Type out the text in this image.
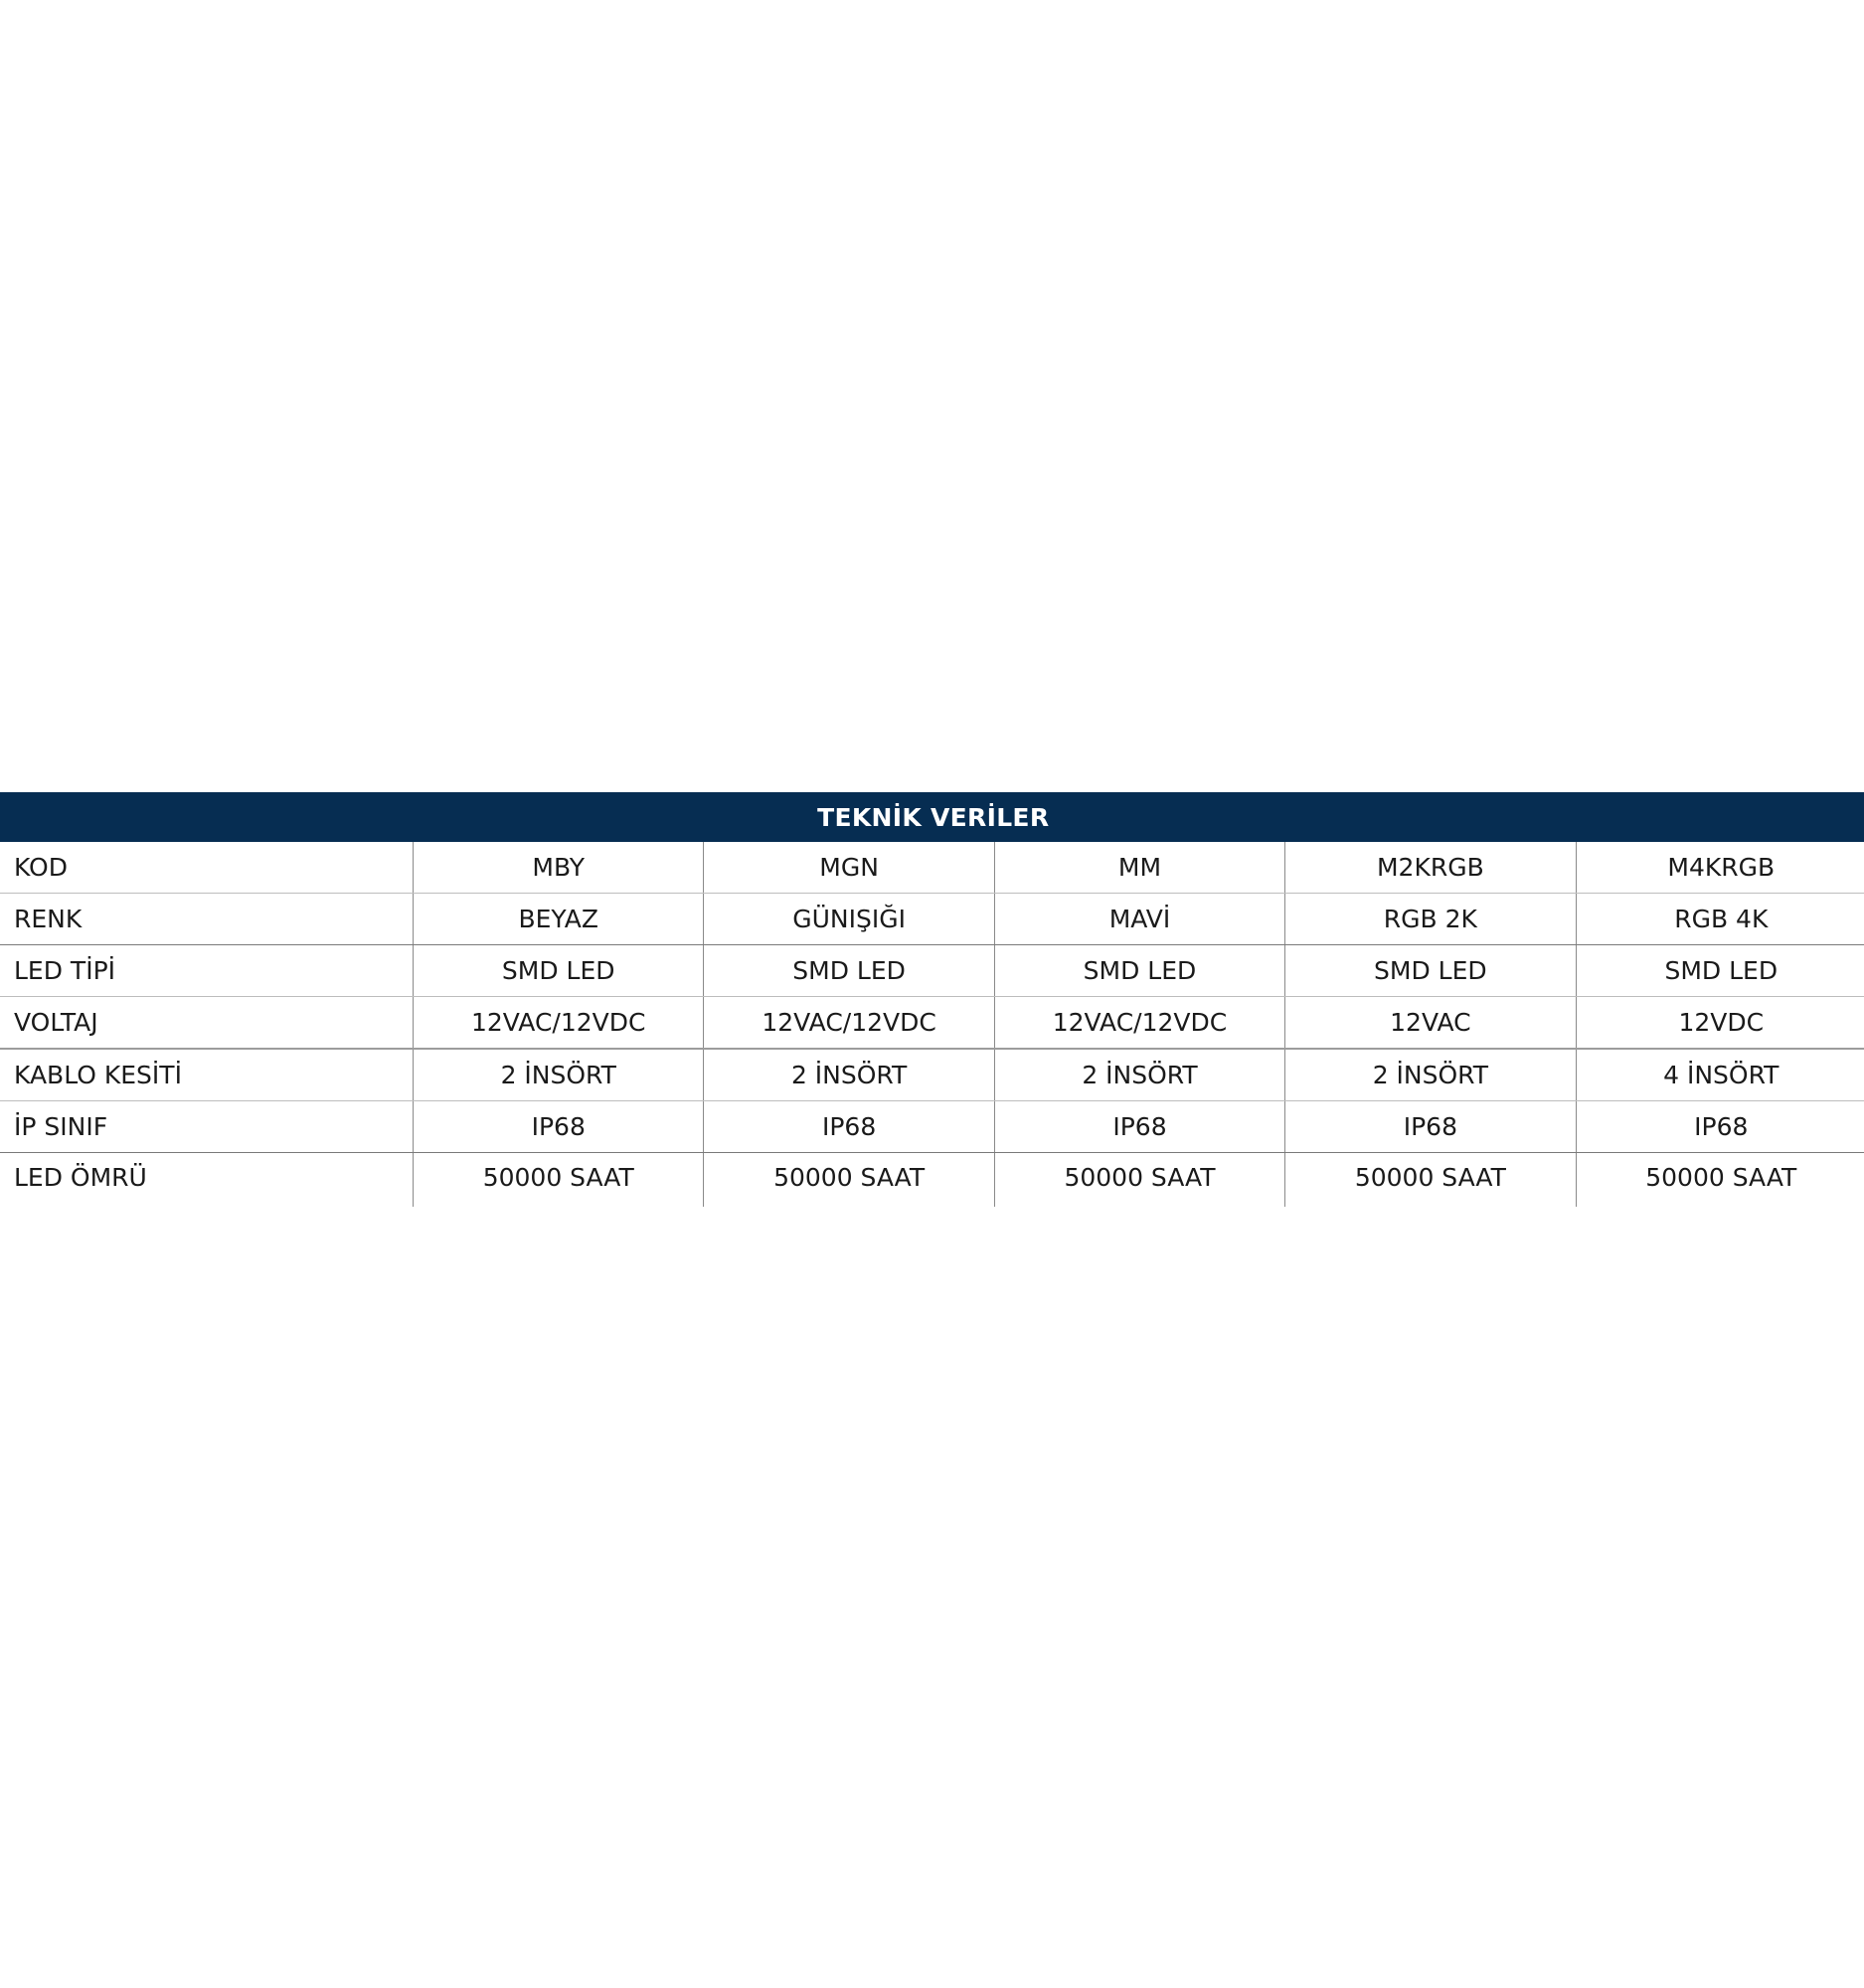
TEKNİK VERİLER					
KOD	MBY	MGN	MM	M2KRGB	M4KRGB
RENK	BEYAZ	GÜNIŞIĞI	MAVİ	RGB 2K	RGB 4K
LED TİPİ	SMD LED	SMD LED	SMD LED	SMD LED	SMD LED
VOLTAJ	12VAC/12VDC	12VAC/12VDC	12VAC/12VDC	12VAC	12VDC
KABLO KESİTİ	2 İNSÖRT	2 İNSÖRT	2 İNSÖRT	2 İNSÖRT	4 İNSÖRT
İP SINIF	IP68	IP68	IP68	IP68	IP68
LED ÖMRÜ	50000 SAAT	50000 SAAT	50000 SAAT	50000 SAAT	50000 SAAT
